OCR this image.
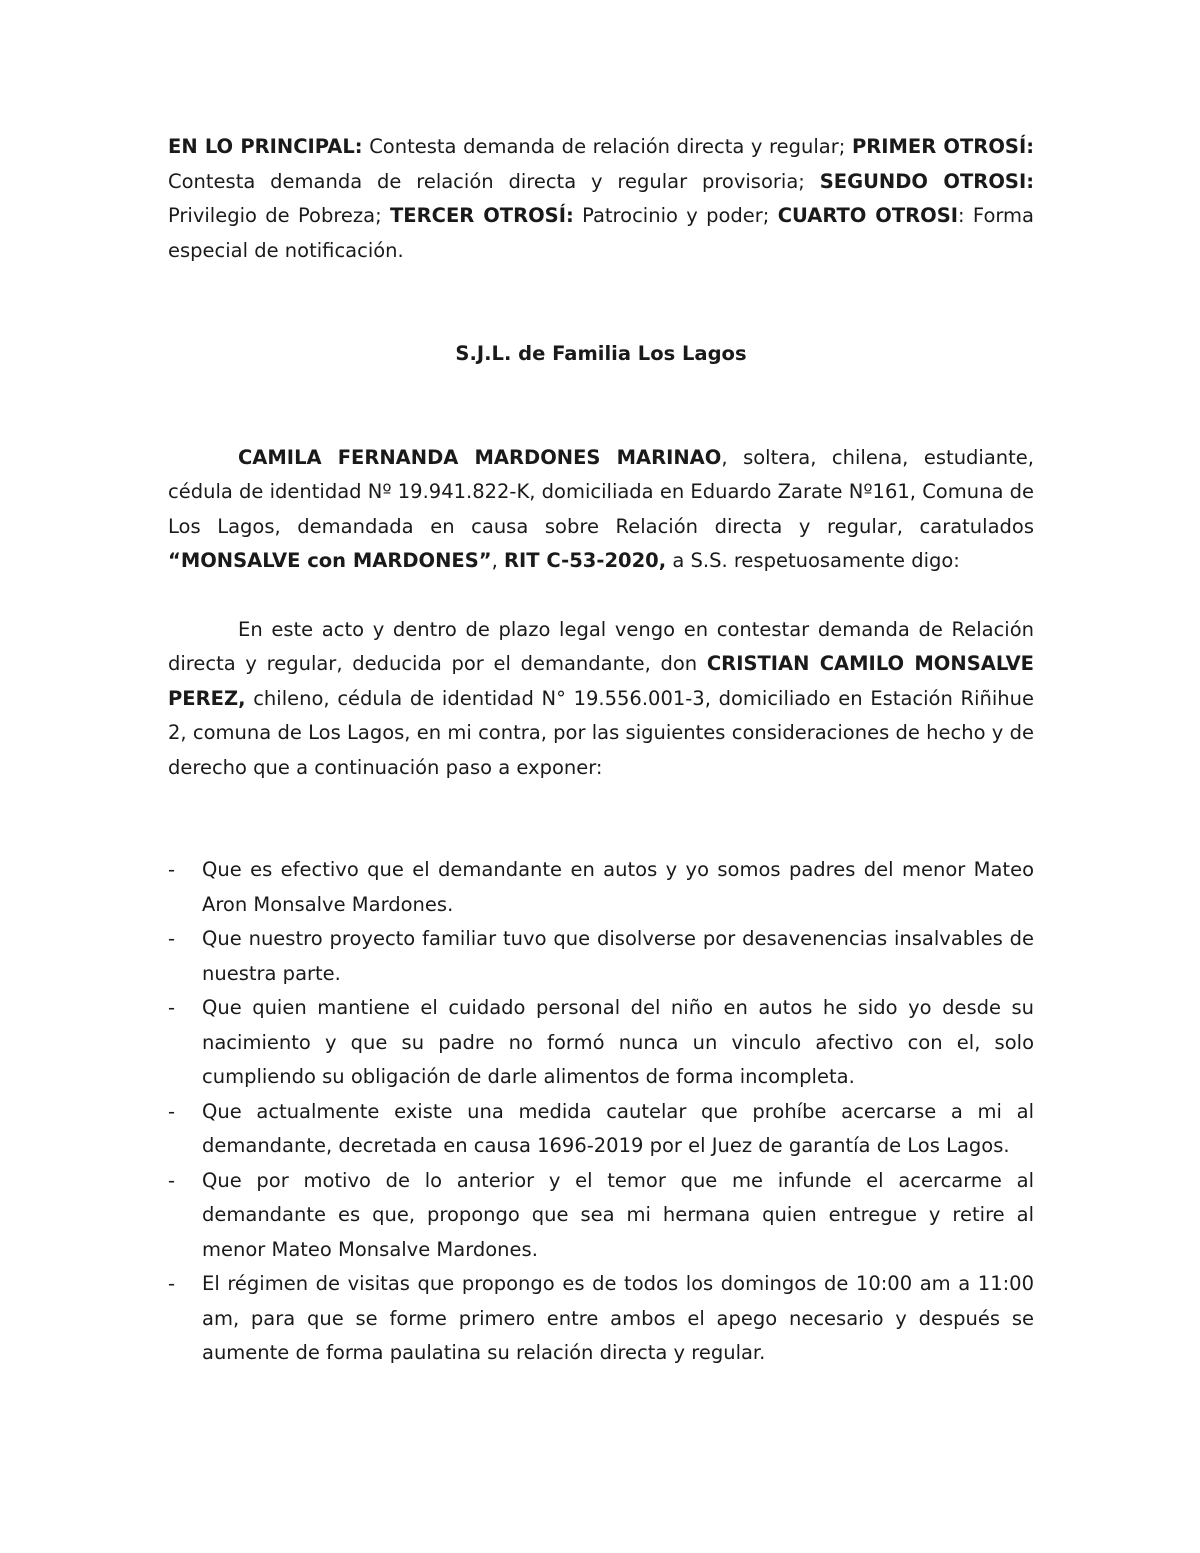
EN LO PRINCIPAL: Contesta demanda de relación directa y regular; PRIMER OTROSÍ: Contesta demanda de relación directa y regular provisoria; SEGUNDO OTROSI: Privilegio de Pobreza; TERCER OTROSÍ: Patrocinio y poder; CUARTO OTROSI: Forma especial de notificación.

S.J.L. de Familia Los Lagos

CAMILA FERNANDA MARDONES MARINAO, soltera, chilena, estudiante, cédula de identidad Nº 19.941.822-K, domiciliada en Eduardo Zarate Nº161, Comuna de Los Lagos, demandada en causa sobre Relación directa y regular, caratulados “MONSALVE con MARDONES”, RIT C-53-2020, a S.S. respetuosamente digo:

En este acto y dentro de plazo legal vengo en contestar demanda de Relación directa y regular, deducida por el demandante, don CRISTIAN CAMILO MONSALVE PEREZ, chileno, cédula de identidad N° 19.556.001-3, domiciliado en Estación Riñihue 2, comuna de Los Lagos, en mi contra, por las siguientes consideraciones de hecho y de derecho que a continuación paso a exponer:

- Que es efectivo que el demandante en autos y yo somos padres del menor Mateo Aron Monsalve Mardones.
- Que nuestro proyecto familiar tuvo que disolverse por desavenencias insalvables de nuestra parte.
- Que quien mantiene el cuidado personal del niño en autos he sido yo desde su nacimiento y que su padre no formó nunca un vinculo afectivo con el, solo cumpliendo su obligación de darle alimentos de forma incompleta.
- Que actualmente existe una medida cautelar que prohíbe acercarse a mi al demandante, decretada en causa 1696-2019 por el Juez de garantía de Los Lagos.
- Que por motivo de lo anterior y el temor que me infunde el acercarme al demandante es que, propongo que sea mi hermana quien entregue y retire al menor Mateo Monsalve Mardones.
- El régimen de visitas que propongo es de todos los domingos de 10:00 am a 11:00 am, para que se forme primero entre ambos el apego necesario y después se aumente de forma paulatina su relación directa y regular.
